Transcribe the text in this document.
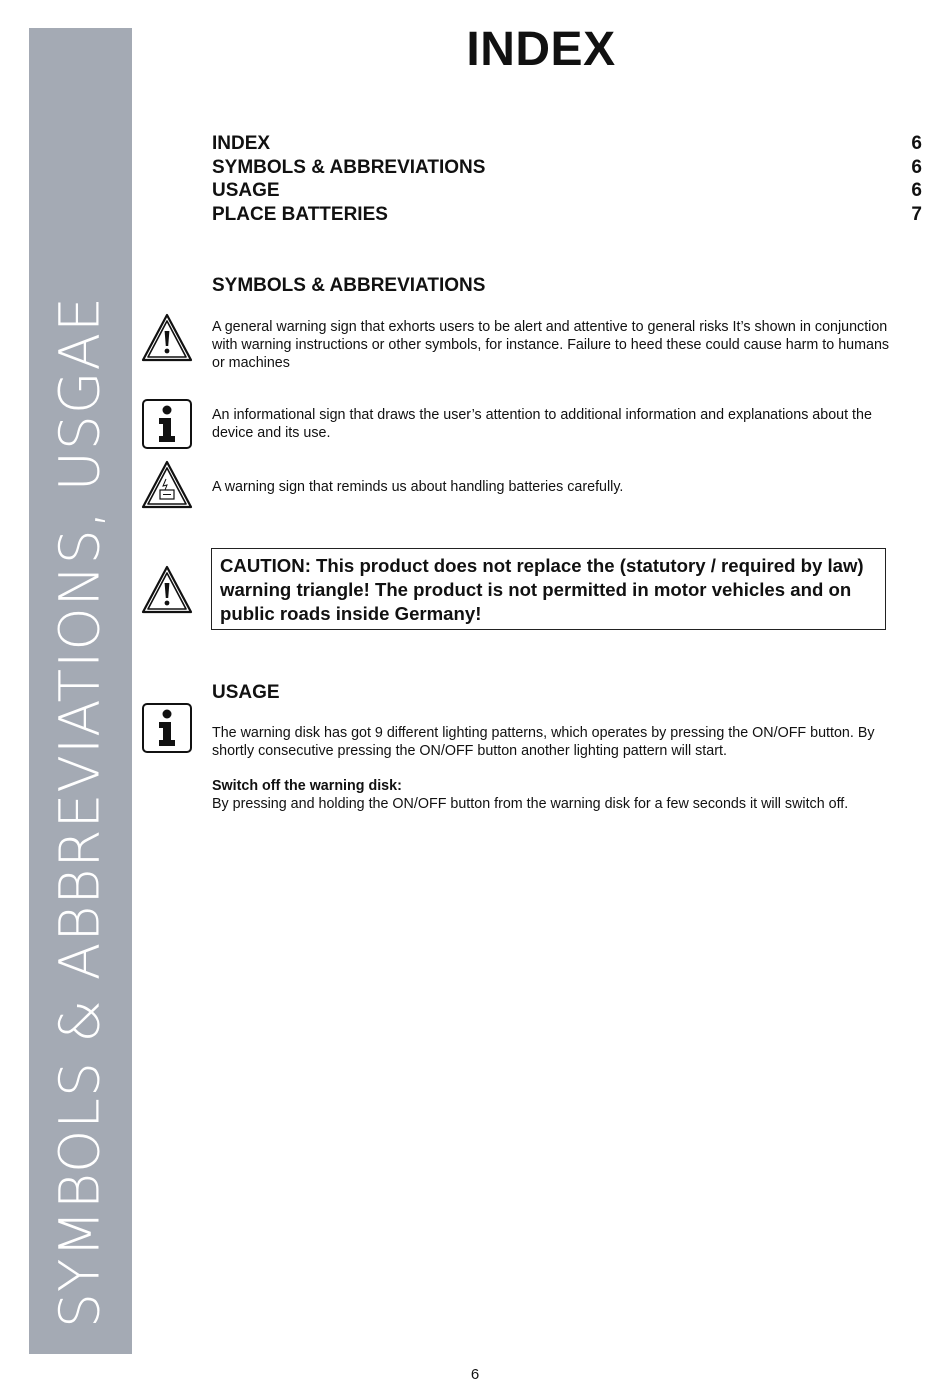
SYMBOLS & ABBREVIATIONS, USGAE
INDEX
INDEX	6
SYMBOLS & ABBREVIATIONS	6
USAGE	6
PLACE BATTERIES	7
SYMBOLS & ABBREVIATIONS
A general warning sign that exhorts users to be alert and attentive to general risks It’s shown in conjunction with warning instructions or other symbols, for instance. Failure to heed these could cause harm to humans or machines
An informational sign that draws the user’s attention to additional information and explanations about the device and its use.
A warning sign that reminds us about handling batteries carefully.
CAUTION: This product does not replace the (statutory / required by law) warning triangle! The product is not permitted in motor vehicles and on public roads inside Germany!
USAGE
The warning disk has got 9 different lighting patterns, which operates by pressing the ON/OFF button. By shortly consecutive pressing the ON/OFF button another lighting pattern will start.
Switch off the warning disk:
By pressing and holding the ON/OFF button from the warning disk for a few seconds it will switch off.
6
